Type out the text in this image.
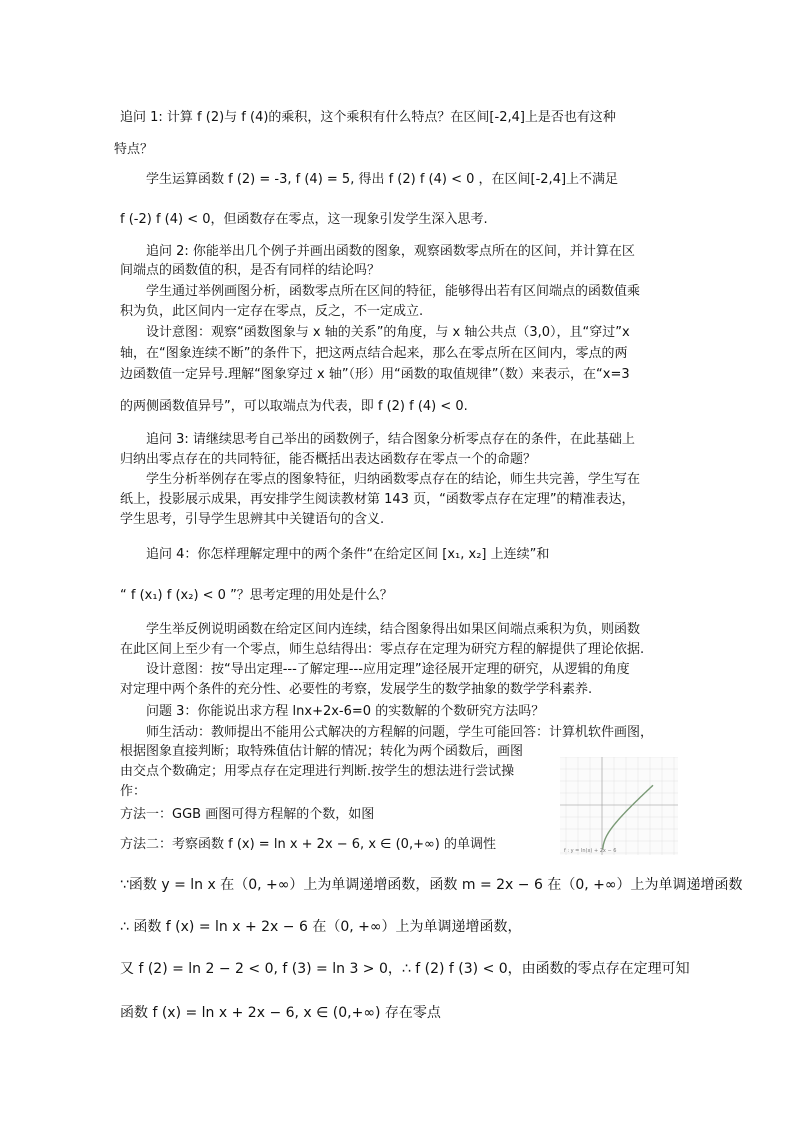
追问 1: 计算 f (2)与 f (4)的乘积，这个乘积有什么特点？在区间[-2,4]上是否也有这种
特点？
学生运算函数 f (2) = -3, f (4) = 5, 得出 f (2) f (4) < 0 ，在区间[-2,4]上不满足
f (-2) f (4) < 0，但函数存在零点，这一现象引发学生深入思考.
追问 2: 你能举出几个例子并画出函数的图象，观察函数零点所在的区间，并计算在区
间端点的函数值的积，是否有同样的结论吗？
学生通过举例画图分析，函数零点所在区间的特征，能够得出若有区间端点的函数值乘
积为负，此区间内一定存在零点，反之，不一定成立.
设计意图：观察“函数图象与 x 轴的关系”的角度，与 x 轴公共点（3,0），且“穿过”x
轴，在“图象连续不断”的条件下，把这两点结合起来，那么在零点所在区间内，零点的两
边函数值一定异号.理解“图象穿过 x 轴”（形）用“函数的取值规律”（数）来表示，在“x=3
的两侧函数值异号”，可以取端点为代表，即 f (2) f (4) < 0.
追问 3: 请继续思考自己举出的函数例子，结合图象分析零点存在的条件，在此基础上
归纳出零点存在的共同特征，能否概括出表达函数存在零点一个的命题？
学生分析举例存在零点的图象特征，归纳函数零点存在的结论，师生共完善，学生写在
纸上，投影展示成果，再安排学生阅读教材第 143 页，“函数零点存在定理”的精准表达，
学生思考，引导学生思辨其中关键语句的含义.
追问 4：你怎样理解定理中的两个条件“在给定区间 [x₁, x₂] 上连续”和
“ f (x₁) f (x₂) < 0 ”？思考定理的用处是什么？
学生举反例说明函数在给定区间内连续，结合图象得出如果区间端点乘积为负，则函数
在此区间上至少有一个零点，师生总结得出：零点存在定理为研究方程的解提供了理论依据.
设计意图：按“导出定理---了解定理---应用定理”途径展开定理的研究，从逻辑的角度
对定理中两个条件的充分性、必要性的考察，发展学生的数学抽象的数学学科素养.
问题 3：你能说出求方程 lnx+2x-6=0 的实数解的个数研究方法吗？
师生活动：教师提出不能用公式解决的方程解的问题，学生可能回答：计算机软件画图，
根据图象直接判断；取特殊值估计解的情况；转化为两个函数后，画图
由交点个数确定；用零点存在定理进行判断.按学生的想法进行尝试操
作：
方法一：GGB 画图可得方程解的个数，如图
方法二：考察函数 f (x) = ln x + 2x − 6, x ∈ (0,+∞) 的单调性
∵函数 y = ln x 在（0, +∞）上为单调递增函数，函数 m = 2x − 6 在（0, +∞）上为单调递增函数
∴ 函数 f (x) = ln x + 2x − 6 在（0, +∞）上为单调递增函数，
又 f (2) = ln 2 − 2 < 0, f (3) = ln 3 > 0，∴ f (2) f (3) < 0，由函数的零点存在定理可知
函数 f (x) = ln x + 2x − 6, x ∈ (0,+∞) 存在零点
f : y = ln(x) + 2x − 6
